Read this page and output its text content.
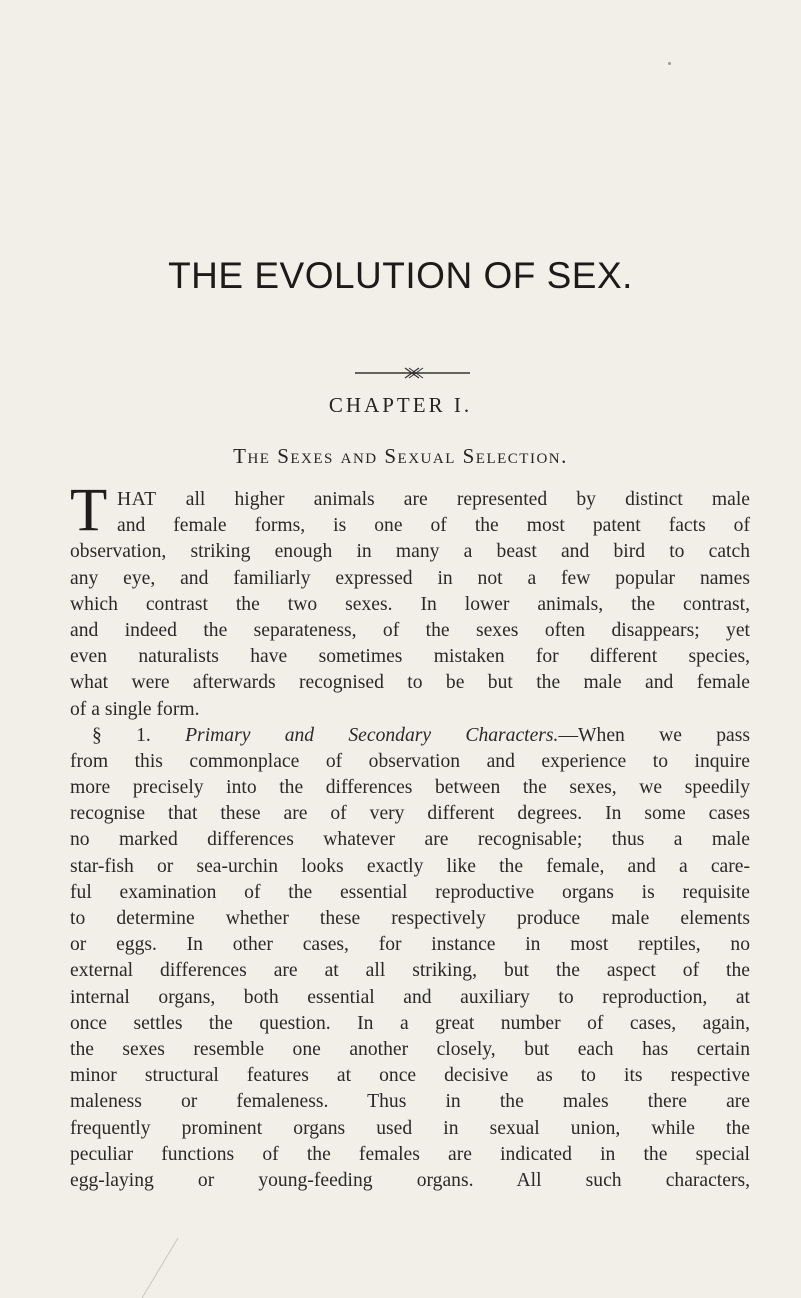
THE EVOLUTION OF SEX.
CHAPTER I.
The Sexes and Sexual Selection.
T HAT all higher animals are represented by distinct male
and female forms, is one of the most patent facts of
observation, striking enough in many a beast and bird to catch
any eye, and familiarly expressed in not a few popular names
which contrast the two sexes. In lower animals, the contrast,
and indeed the separateness, of the sexes often disappears; yet
even naturalists have sometimes mistaken for different species,
what were afterwards recognised to be but the male and female
of a single form.
§ 1. Primary and Secondary Characters.—When we pass
from this commonplace of observation and experience to inquire
more precisely into the differences between the sexes, we speedily
recognise that these are of very different degrees. In some cases
no marked differences whatever are recognisable; thus a male
star-fish or sea-urchin looks exactly like the female, and a care-
ful examination of the essential reproductive organs is requisite
to determine whether these respectively produce male elements
or eggs. In other cases, for instance in most reptiles, no
external differences are at all striking, but the aspect of the
internal organs, both essential and auxiliary to reproduction, at
once settles the question. In a great number of cases, again,
the sexes resemble one another closely, but each has certain
minor structural features at once decisive as to its respective
maleness or femaleness. Thus in the males there are
frequently prominent organs used in sexual union, while the
peculiar functions of the females are indicated in the special
egg-laying or young-feeding organs. All such characters,
